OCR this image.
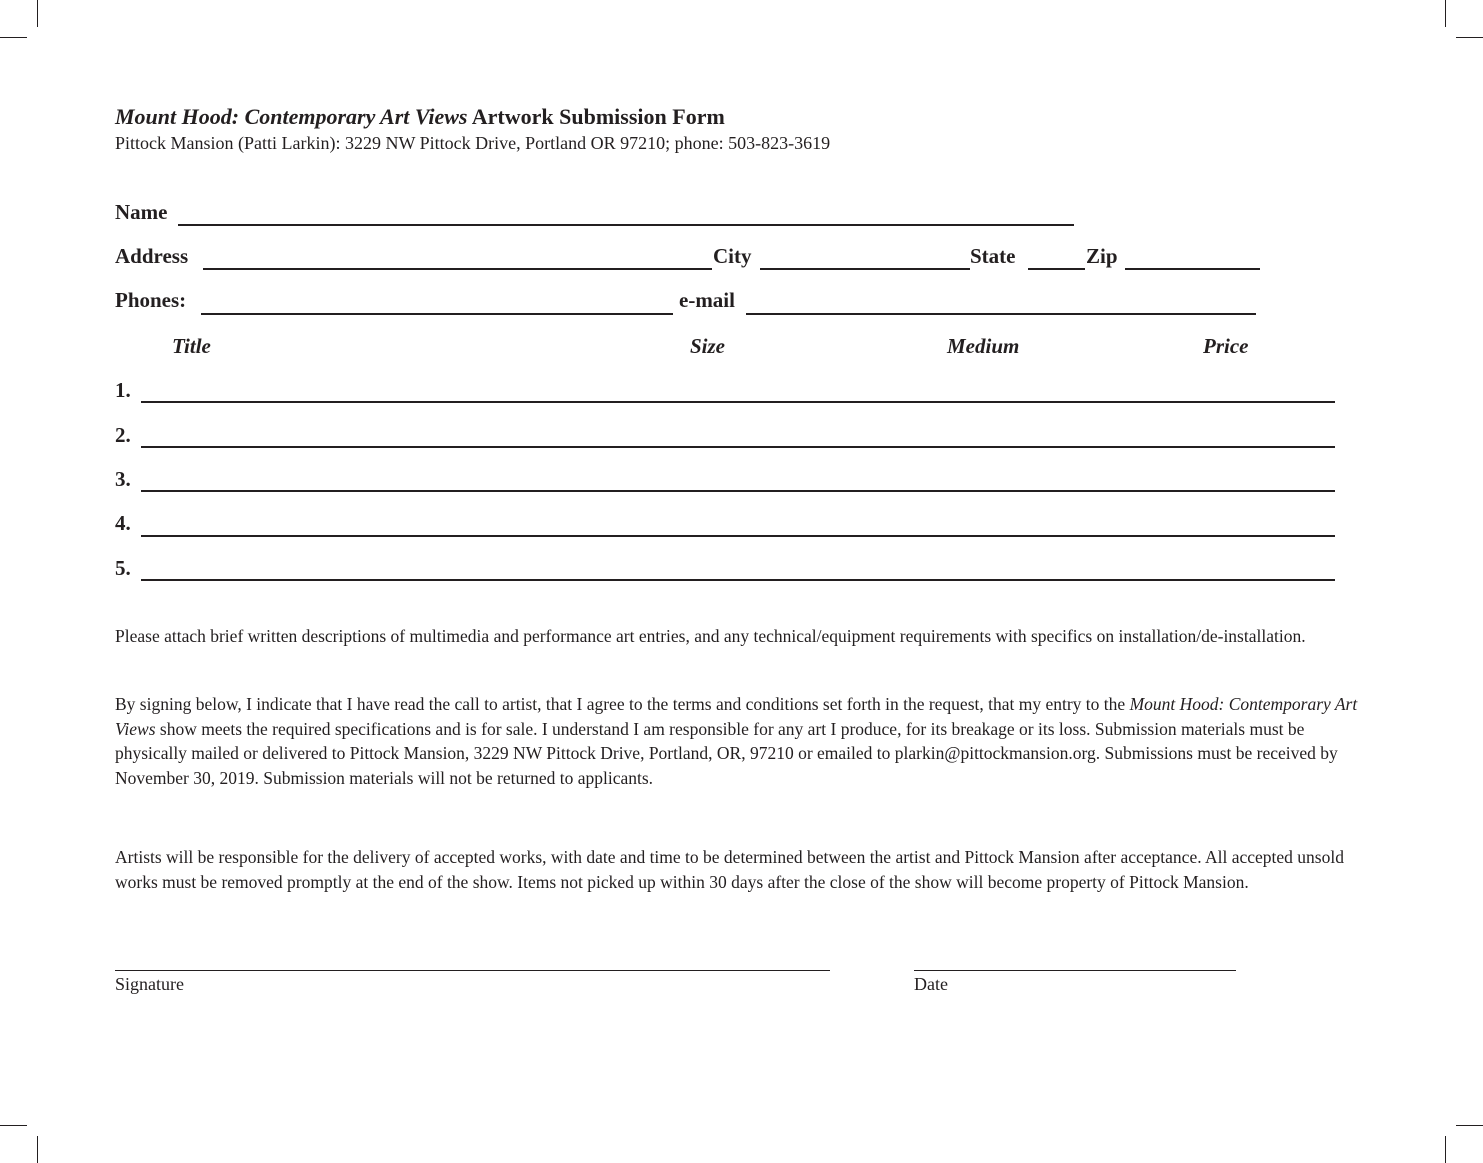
Mount Hood: Contemporary Art Views Artwork Submission Form
Pittock Mansion (Patti Larkin): 3229 NW Pittock Drive, Portland OR 97210; phone: 503-823-3619
Name
Address	City	State	Zip
Phones:	e-mail
Title	Size	Medium	Price
1.
2.
3.
4.
5.
Please attach brief written descriptions of multimedia and performance art entries, and any technical/equipment requirements with specifics on installation/de-installation.
By signing below, I indicate that I have read the call to artist, that I agree to the terms and conditions set forth in the request, that my entry to the Mount Hood: Contemporary Art Views show meets the required specifications and is for sale. I understand I am responsible for any art I produce, for its breakage or its loss. Submission materials must be physically mailed or delivered to Pittock Mansion, 3229 NW Pittock Drive, Portland, OR, 97210 or emailed to plarkin@pittockmansion.org. Submissions must be received by November 30, 2019. Submission materials will not be returned to applicants.
Artists will be responsible for the delivery of accepted works, with date and time to be determined between the artist and Pittock Mansion after acceptance. All accepted unsold works must be removed promptly at the end of the show. Items not picked up within 30 days after the close of the show will become property of Pittock Mansion.
Signature	Date
